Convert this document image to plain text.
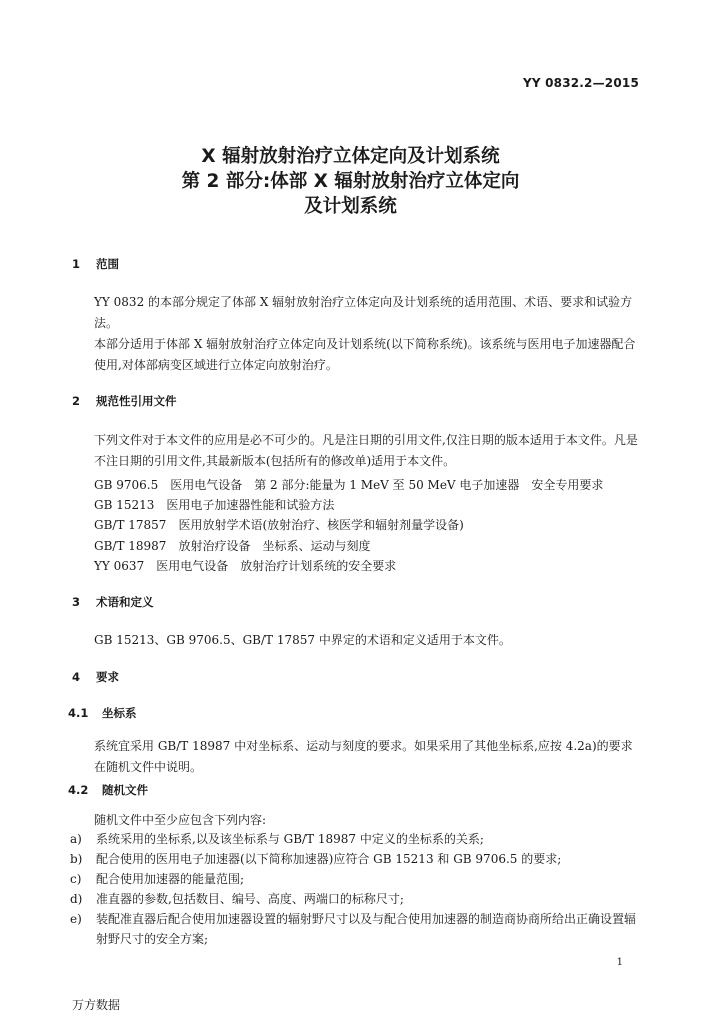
YY 0832.2—2015
X 辐射放射治疗立体定向及计划系统
第 2 部分:体部 X 辐射放射治疗立体定向
及计划系统
1 范围
YY 0832 的本部分规定了体部 X 辐射放射治疗立体定向及计划系统的适用范围、术语、要求和试验方法。
本部分适用于体部 X 辐射放射治疗立体定向及计划系统(以下简称系统)。该系统与医用电子加速器配合使用,对体部病变区域进行立体定向放射治疗。
2 规范性引用文件
下列文件对于本文件的应用是必不可少的。凡是注日期的引用文件,仅注日期的版本适用于本文件。凡是不注日期的引用文件,其最新版本(包括所有的修改单)适用于本文件。
GB 9706.5　医用电气设备　第 2 部分:能量为 1 MeV 至 50 MeV 电子加速器　安全专用要求
GB 15213　医用电子加速器性能和试验方法
GB/T 17857　医用放射学术语(放射治疗、核医学和辐射剂量学设备)
GB/T 18987　放射治疗设备　坐标系、运动与刻度
YY 0637　医用电气设备　放射治疗计划系统的安全要求
3 术语和定义
GB 15213、GB 9706.5、GB/T 17857 中界定的术语和定义适用于本文件。
4 要求
4.1 坐标系
系统宜采用 GB/T 18987 中对坐标系、运动与刻度的要求。如果采用了其他坐标系,应按 4.2a)的要求在随机文件中说明。
4.2 随机文件
随机文件中至少应包含下列内容:
a)	系统采用的坐标系,以及该坐标系与 GB/T 18987 中定义的坐标系的关系;
b)	配合使用的医用电子加速器(以下简称加速器)应符合 GB 15213 和 GB 9706.5 的要求;
c)	配合使用加速器的能量范围;
d)	准直器的参数,包括数目、编号、高度、两端口的标称尺寸;
e)	装配准直器后配合使用加速器设置的辐射野尺寸以及与配合使用加速器的制造商协商所给出正确设置辐射野尺寸的安全方案;
1
万方数据
